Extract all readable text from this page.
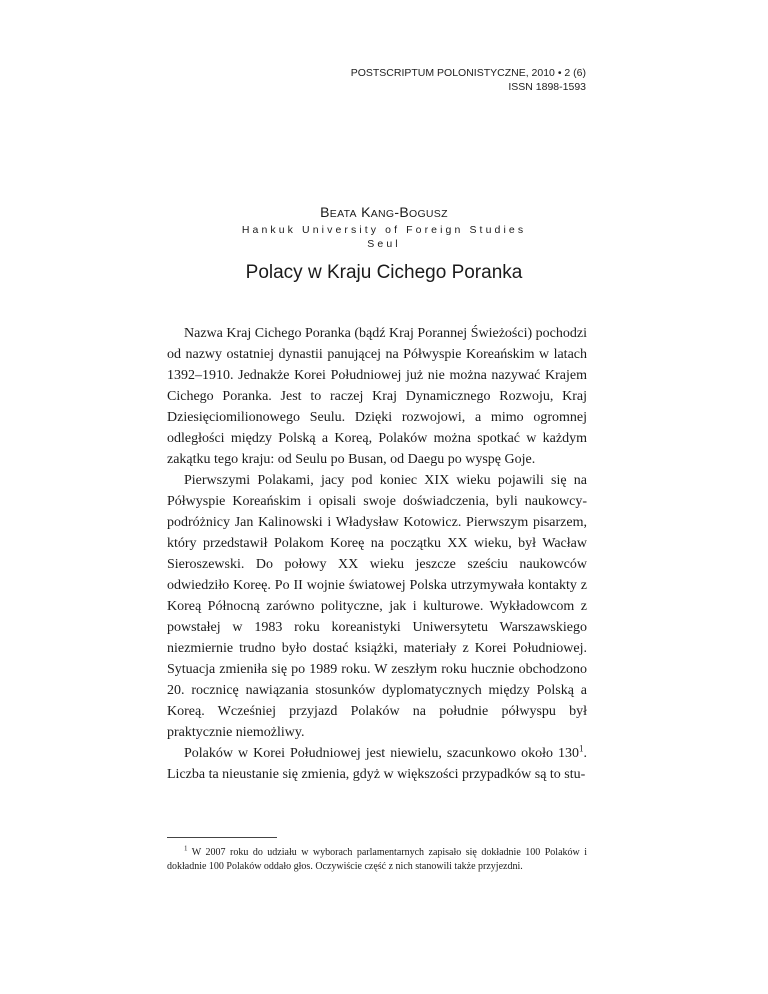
POSTSCRIPTUM POLONISTYCZNE, 2010 • 2 (6)
ISSN 1898-1593
BEATA KANG-BOGUSZ
Hankuk University of Foreign Studies
Seul
Polacy w Kraju Cichego Poranka

Nazwa Kraj Cichego Poranka (bądź Kraj Porannej Świeżości) pochodzi od nazwy ostatniej dynastii panującej na Półwyspie Koreańskim w latach 1392–1910. Jednakże Korei Południowej już nie można nazywać Krajem Cichego Poranka. Jest to raczej Kraj Dynamicznego Rozwoju, Kraj Dziesięciomilionowego Seulu. Dzięki rozwojowi, a mimo ogromnej odległości między Polską a Koreą, Polaków można spotkać w każdym zakątku tego kraju: od Seulu po Busan, od Daegu po wyspę Goje.

Pierwszymi Polakami, jacy pod koniec XIX wieku pojawili się na Półwyspie Koreańskim i opisali swoje doświadczenia, byli naukowcy-podróżnicy Jan Kalinowski i Władysław Kotowicz. Pierwszym pisarzem, który przedstawił Polakom Koreę na początku XX wieku, był Wacław Sieroszewski. Do połowy XX wieku jeszcze sześciu naukowców odwiedziło Koreę. Po II wojnie światowej Polska utrzymywała kontakty z Koreą Północną zarówno polityczne, jak i kulturowe. Wykładowcom z powstałej w 1983 roku koreanistyki Uniwersytetu Warszawskiego niezmiernie trudno było dostać książki, materiały z Korei Południowej. Sytuacja zmieniła się po 1989 roku. W zeszłym roku hucznie obchodzono 20. rocznicę nawiązania stosunków dyplomatycznych między Polską a Koreą. Wcześniej przyjazd Polaków na południe półwyspu był praktycznie niemożliwy.

Polaków w Korei Południowej jest niewielu, szacunkowo około $130^1$. Liczba ta nieustanie się zmienia, gdyż w większości przypadków są to stu-

$^1$ W 2007 roku do udziału w wyborach parlamentarnych zapisało się dokładnie 100 Polaków i dokładnie 100 Polaków oddało głos. Oczywiście część z nich stanowili także przyjezdni.
